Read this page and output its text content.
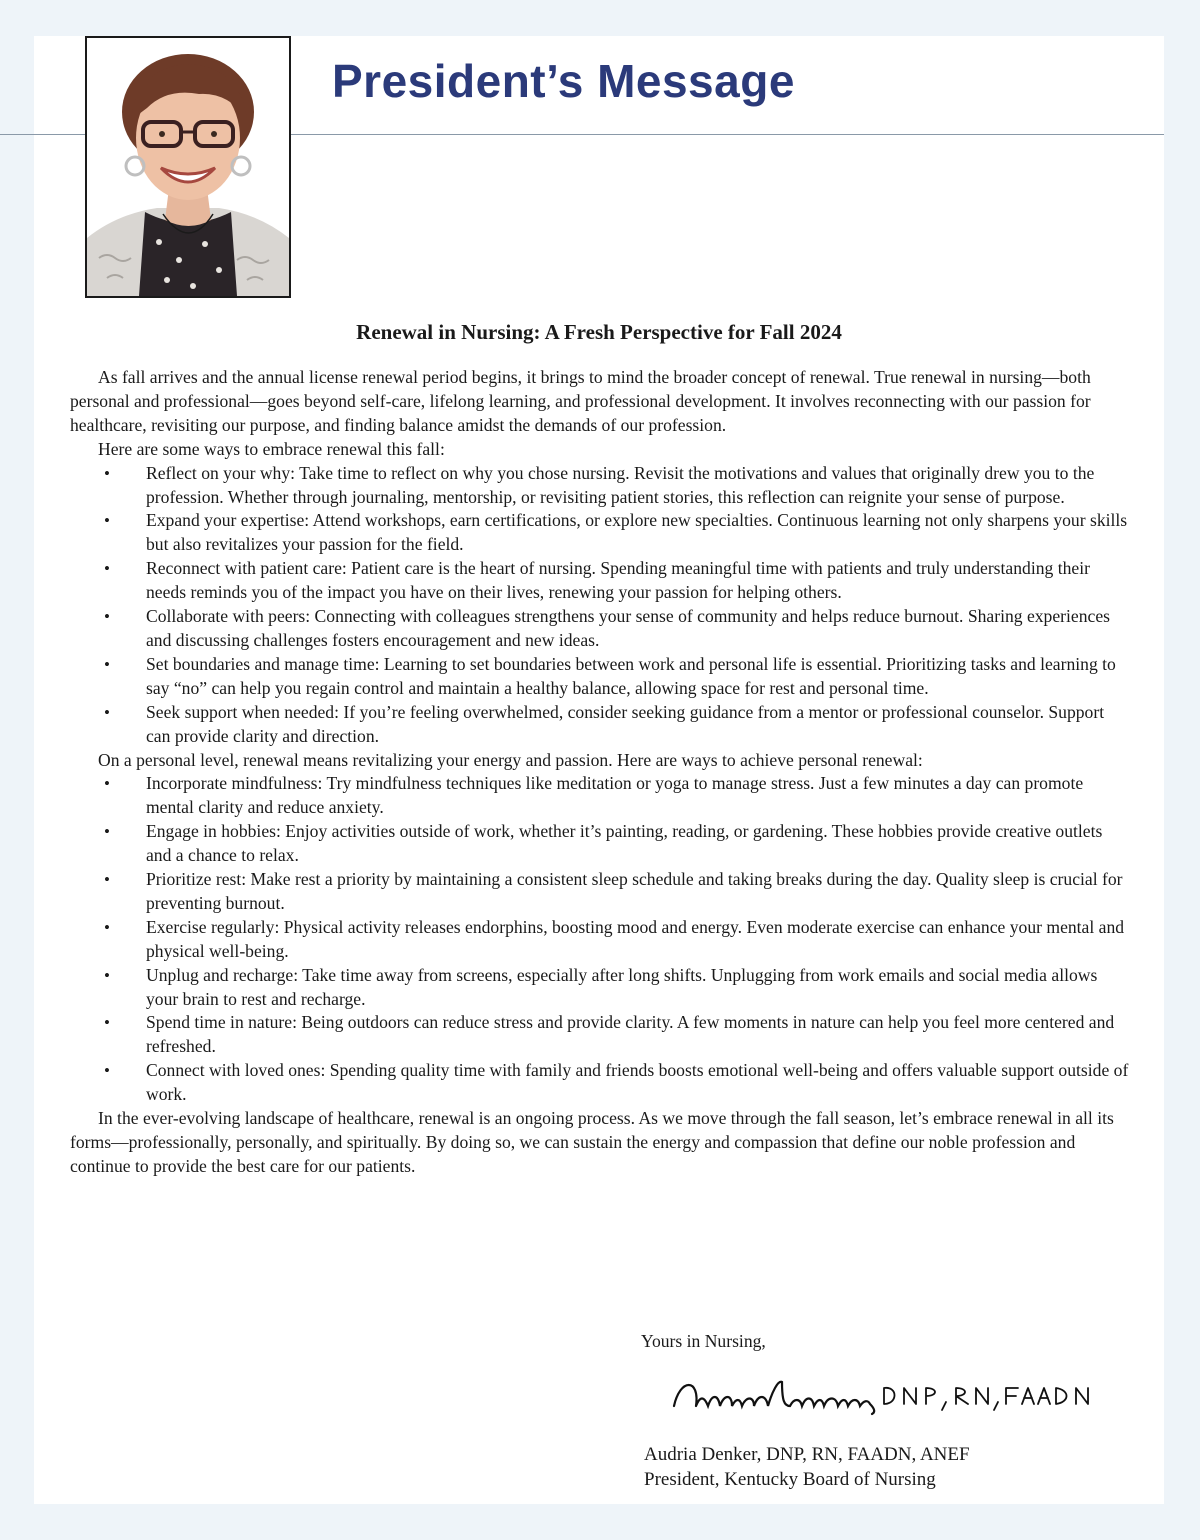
President’s Message
Renewal in Nursing: A Fresh Perspective for Fall 2024

As fall arrives and the annual license renewal period begins, it brings to mind the broader concept of renewal. True renewal in nursing—both personal and professional—goes beyond self-care, lifelong learning, and professional development. It involves reconnecting with our passion for healthcare, revisiting our purpose, and finding balance amidst the demands of our profession.

Here are some ways to embrace renewal this fall:

• Reflect on your why: Take time to reflect on why you chose nursing. Revisit the motivations and values that originally drew you to the profession. Whether through journaling, mentorship, or revisiting patient stories, this reflection can reignite your sense of purpose.
• Expand your expertise: Attend workshops, earn certifications, or explore new specialties. Continuous learning not only sharpens your skills but also revitalizes your passion for the field.
• Reconnect with patient care: Patient care is the heart of nursing. Spending meaningful time with patients and truly understanding their needs reminds you of the impact you have on their lives, renewing your passion for helping others.
• Collaborate with peers: Connecting with colleagues strengthens your sense of community and helps reduce burnout. Sharing experiences and discussing challenges fosters encouragement and new ideas.
• Set boundaries and manage time: Learning to set boundaries between work and personal life is essential. Prioritizing tasks and learning to say “no” can help you regain control and maintain a healthy balance, allowing space for rest and personal time.
• Seek support when needed: If you’re feeling overwhelmed, consider seeking guidance from a mentor or professional counselor. Support can provide clarity and direction.

On a personal level, renewal means revitalizing your energy and passion. Here are ways to achieve personal renewal:

• Incorporate mindfulness: Try mindfulness techniques like meditation or yoga to manage stress. Just a few minutes a day can promote mental clarity and reduce anxiety.
• Engage in hobbies: Enjoy activities outside of work, whether it’s painting, reading, or gardening. These hobbies provide creative outlets and a chance to relax.
• Prioritize rest: Make rest a priority by maintaining a consistent sleep schedule and taking breaks during the day. Quality sleep is crucial for preventing burnout.
• Exercise regularly: Physical activity releases endorphins, boosting mood and energy. Even moderate exercise can enhance your mental and physical well-being.
• Unplug and recharge: Take time away from screens, especially after long shifts. Unplugging from work emails and social media allows your brain to rest and recharge.
• Spend time in nature: Being outdoors can reduce stress and provide clarity. A few moments in nature can help you feel more centered and refreshed.
• Connect with loved ones: Spending quality time with family and friends boosts emotional well-being and offers valuable support outside of work.

In the ever-evolving landscape of healthcare, renewal is an ongoing process. As we move through the fall season, let’s embrace renewal in all its forms—professionally, personally, and spiritually. By doing so, we can sustain the energy and compassion that define our noble profession and continue to provide the best care for our patients.

Yours in Nursing,
Audria Denker, DNP, RN, FAADN, ANEF
President, Kentucky Board of Nursing
